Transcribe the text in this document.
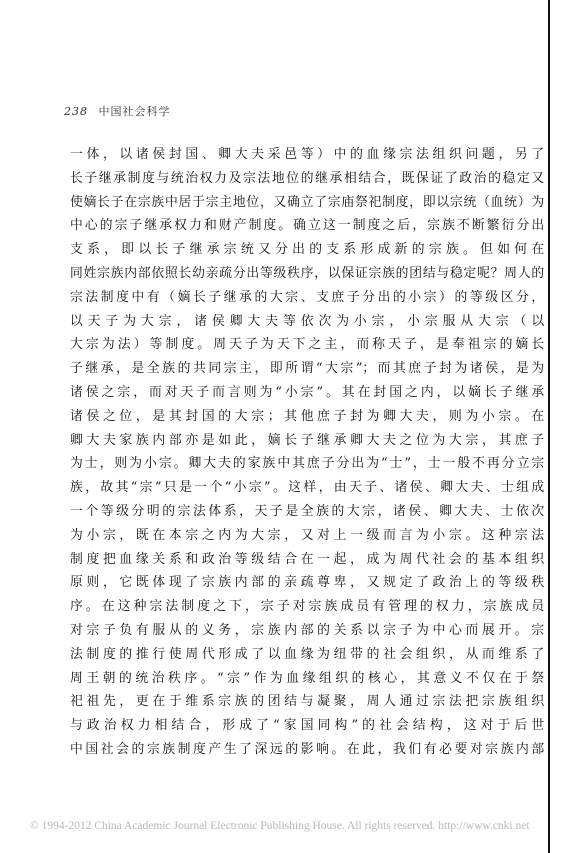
238 中国社会科学
一体，以诸侯封国、卿大夫采邑等）中的血缘宗法组织问题，另了
长子继承制度与统治权力及宗法地位的继承相结合，既保证了政治的稳定又
使嫡长子在宗族中居于宗主地位，又确立了宗庙祭祀制度，即以宗统（血统）为
中心的宗子继承权力和财产制度。确立这一制度之后，宗族不断繁衍分出
支系，即以长子继承宗统又分出的支系形成新的宗族。但如何在
同姓宗族内部依照长幼亲疏分出等级秩序，以保证宗族的团结与稳定呢？周人的
宗法制度中有（嫡长子继承的大宗、支庶子分出的小宗）的等级区分，
以天子为大宗，诸侯卿大夫等依次为小宗，小宗服从大宗（以
大宗为法）等制度。周天子为天下之主，而称天子，是奉祖宗的嫡长
子继承，是全族的共同宗主，即所谓“大宗”；而其庶子封为诸侯，是为
诸侯之宗，而对天子而言则为“小宗”。其在封国之内，以嫡长子继承
诸侯之位，是其封国的大宗；其他庶子封为卿大夫，则为小宗。在
卿大夫家族内部亦是如此，嫡长子继承卿大夫之位为大宗，其庶子
为士，则为小宗。卿大夫的家族中其庶子分出为“士”，士一般不再分立宗
族，故其“宗”只是一个“小宗”。这样，由天子、诸侯、卿大夫、士组成
一个等级分明的宗法体系，天子是全族的大宗，诸侯、卿大夫、士依次
为小宗，既在本宗之内为大宗，又对上一级而言为小宗。这种宗法
制度把血缘关系和政治等级结合在一起，成为周代社会的基本组织
原则，它既体现了宗族内部的亲疏尊卑，又规定了政治上的等级秩
序。在这种宗法制度之下，宗子对宗族成员有管理的权力，宗族成员
对宗子负有服从的义务，宗族内部的关系以宗子为中心而展开。宗
法制度的推行使周代形成了以血缘为纽带的社会组织，从而维系了
周王朝的统治秩序。“宗”作为血缘组织的核心，其意义不仅在于祭
祀祖先，更在于维系宗族的团结与凝聚，周人通过宗法把宗族组织
与政治权力相结合，形成了“家国同构”的社会结构，这对于后世
中国社会的宗族制度产生了深远的影响。在此，我们有必要对宗族内部
© 1994-2012 China Academic Journal Electronic Publishing House. All rights reserved. http://www.cnki.net
